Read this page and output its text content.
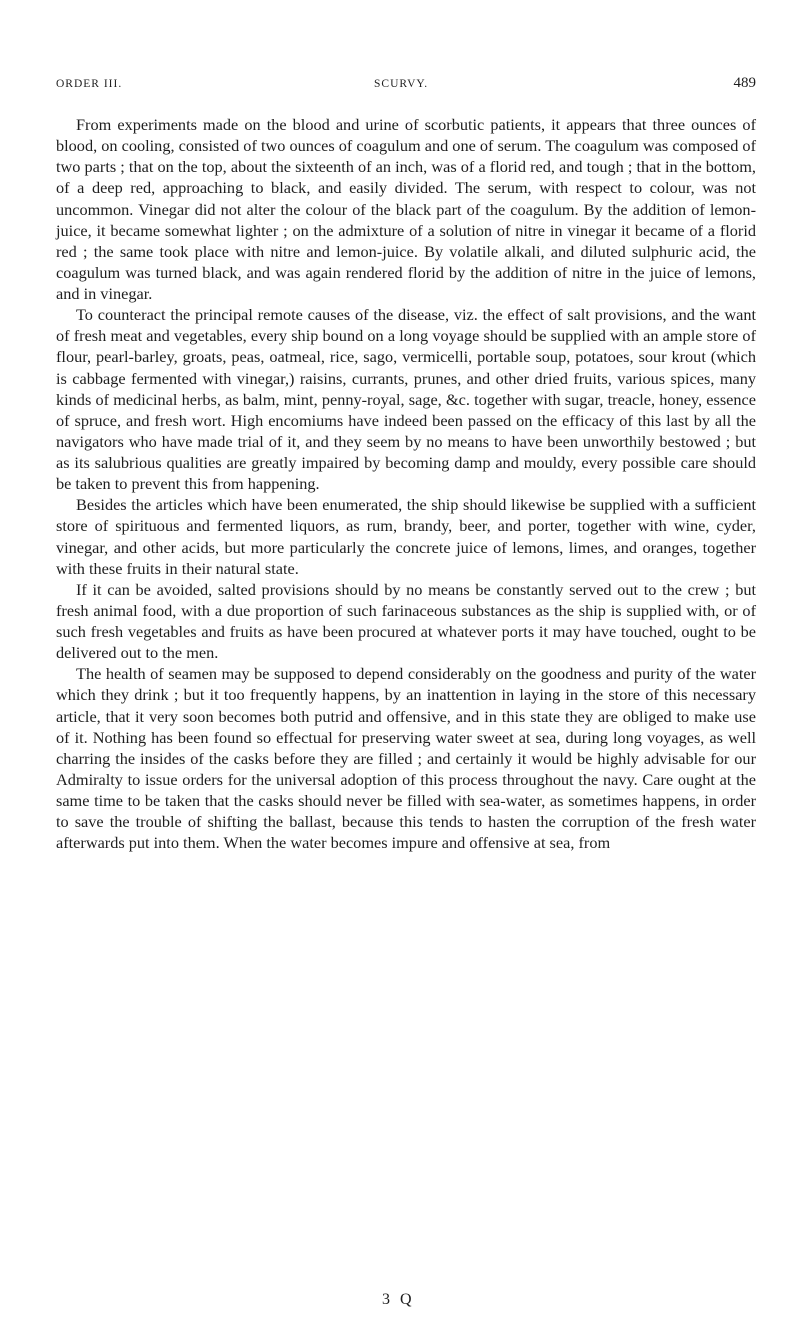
ORDER III.	SCURVY.	489

From experiments made on the blood and urine of scorbutic patients, it appears that three ounces of blood, on cooling, consisted of two ounces of coagulum and one of serum. The coagulum was composed of two parts ; that on the top, about the sixteenth of an inch, was of a florid red, and tough ; that in the bottom, of a deep red, approaching to black, and easily divided. The serum, with respect to colour, was not uncommon. Vinegar did not alter the colour of the black part of the coagulum. By the addition of lemon-juice, it became somewhat lighter ; on the admixture of a solution of nitre in vinegar it became of a florid red ; the same took place with nitre and lemon-juice. By volatile alkali, and diluted sulphuric acid, the coagulum was turned black, and was again rendered florid by the addition of nitre in the juice of lemons, and in vinegar.

To counteract the principal remote causes of the disease, viz. the effect of salt provisions, and the want of fresh meat and vegetables, every ship bound on a long voyage should be supplied with an ample store of flour, pearl-barley, groats, peas, oatmeal, rice, sago, vermicelli, portable soup, potatoes, sour krout (which is cabbage fermented with vinegar,) raisins, currants, prunes, and other dried fruits, various spices, many kinds of medicinal herbs, as balm, mint, penny-royal, sage, &c. together with sugar, treacle, honey, essence of spruce, and fresh wort. High encomiums have indeed been passed on the efficacy of this last by all the navigators who have made trial of it, and they seem by no means to have been unworthily bestowed ; but as its salubrious qualities are greatly impaired by becoming damp and mouldy, every possible care should be taken to prevent this from happening.

Besides the articles which have been enumerated, the ship should likewise be supplied with a sufficient store of spirituous and fermented liquors, as rum, brandy, beer, and porter, together with wine, cyder, vinegar, and other acids, but more particularly the concrete juice of lemons, limes, and oranges, together with these fruits in their natural state.

If it can be avoided, salted provisions should by no means be constantly served out to the crew ; but fresh animal food, with a due proportion of such farinaceous substances as the ship is supplied with, or of such fresh vegetables and fruits as have been procured at whatever ports it may have touched, ought to be delivered out to the men.

The health of seamen may be supposed to depend considerably on the goodness and purity of the water which they drink ; but it too frequently happens, by an inattention in laying in the store of this necessary article, that it very soon becomes both putrid and offensive, and in this state they are obliged to make use of it. Nothing has been found so effectual for preserving water sweet at sea, during long voyages, as well charring the insides of the casks before they are filled ; and certainly it would be highly advisable for our Admiralty to issue orders for the universal adoption of this process throughout the navy. Care ought at the same time to be taken that the casks should never be filled with sea-water, as sometimes happens, in order to save the trouble of shifting the ballast, because this tends to hasten the corruption of the fresh water afterwards put into them. When the water becomes impure and offensive at sea, from

3 Q
